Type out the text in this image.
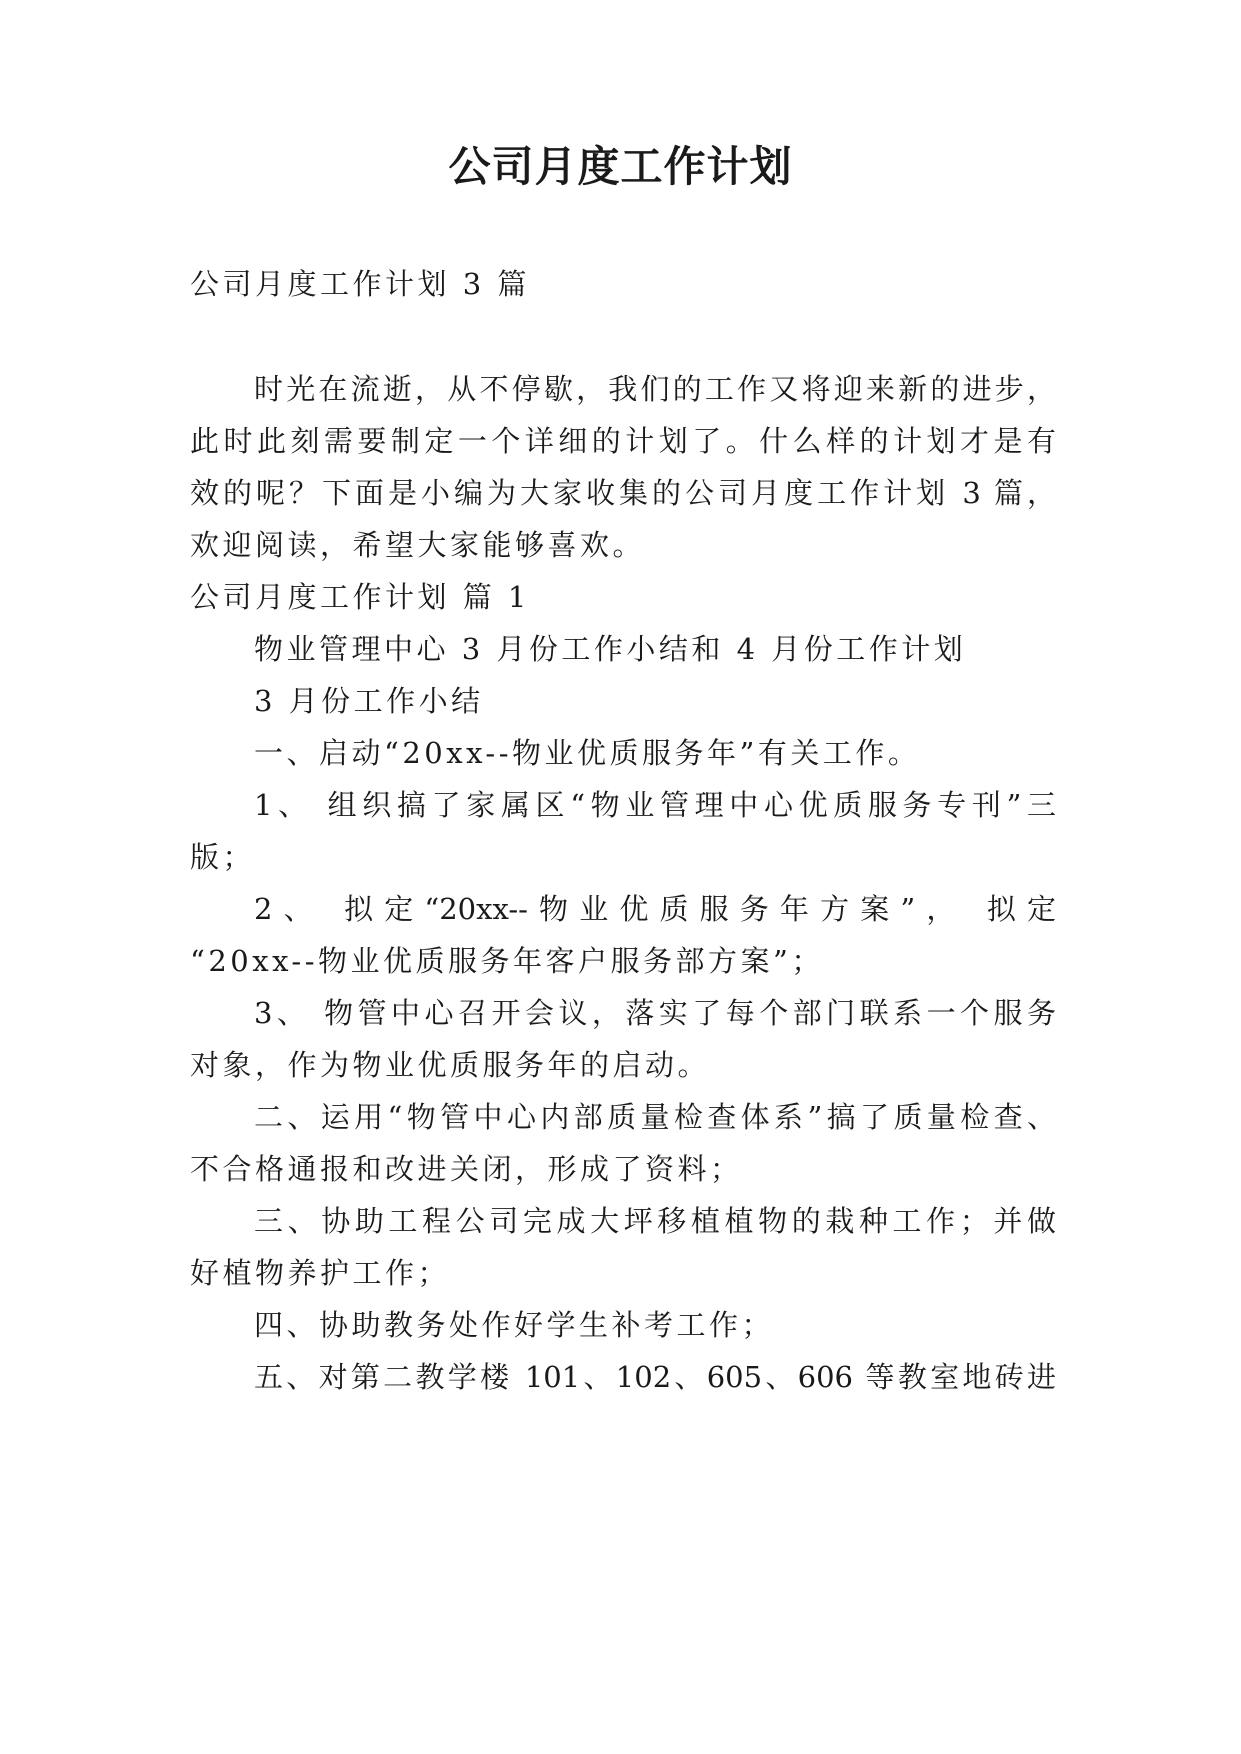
公司月度工作计划
公司月度工作计划 3 篇
时光在流逝，从不停歇，我们的工作又将迎来新的进步，
此时此刻需要制定一个详细的计划了。什么样的计划才是有
效的呢？下面是小编为大家收集的公司月度工作计划 3 篇，
欢迎阅读，希望大家能够喜欢。
公司月度工作计划 篇 1
物业管理中心 3 月份工作小结和 4 月份工作计划
3 月份工作小结
一、启动“20xx--物业优质服务年”有关工作。
1、 组织搞了家属区“物业管理中心优质服务专刊”三
版；
2、 拟定“20xx--物业优质服务年方案”， 拟定
“20xx--物业优质服务年客户服务部方案”；
3、 物管中心召开会议，落实了每个部门联系一个服务
对象，作为物业优质服务年的启动。
二、运用“物管中心内部质量检查体系”搞了质量检查、
不合格通报和改进关闭，形成了资料；
三、协助工程公司完成大坪移植植物的栽种工作；并做
好植物养护工作；
四、协助教务处作好学生补考工作；
五、对第二教学楼 101、102、605、606 等教室地砖进
